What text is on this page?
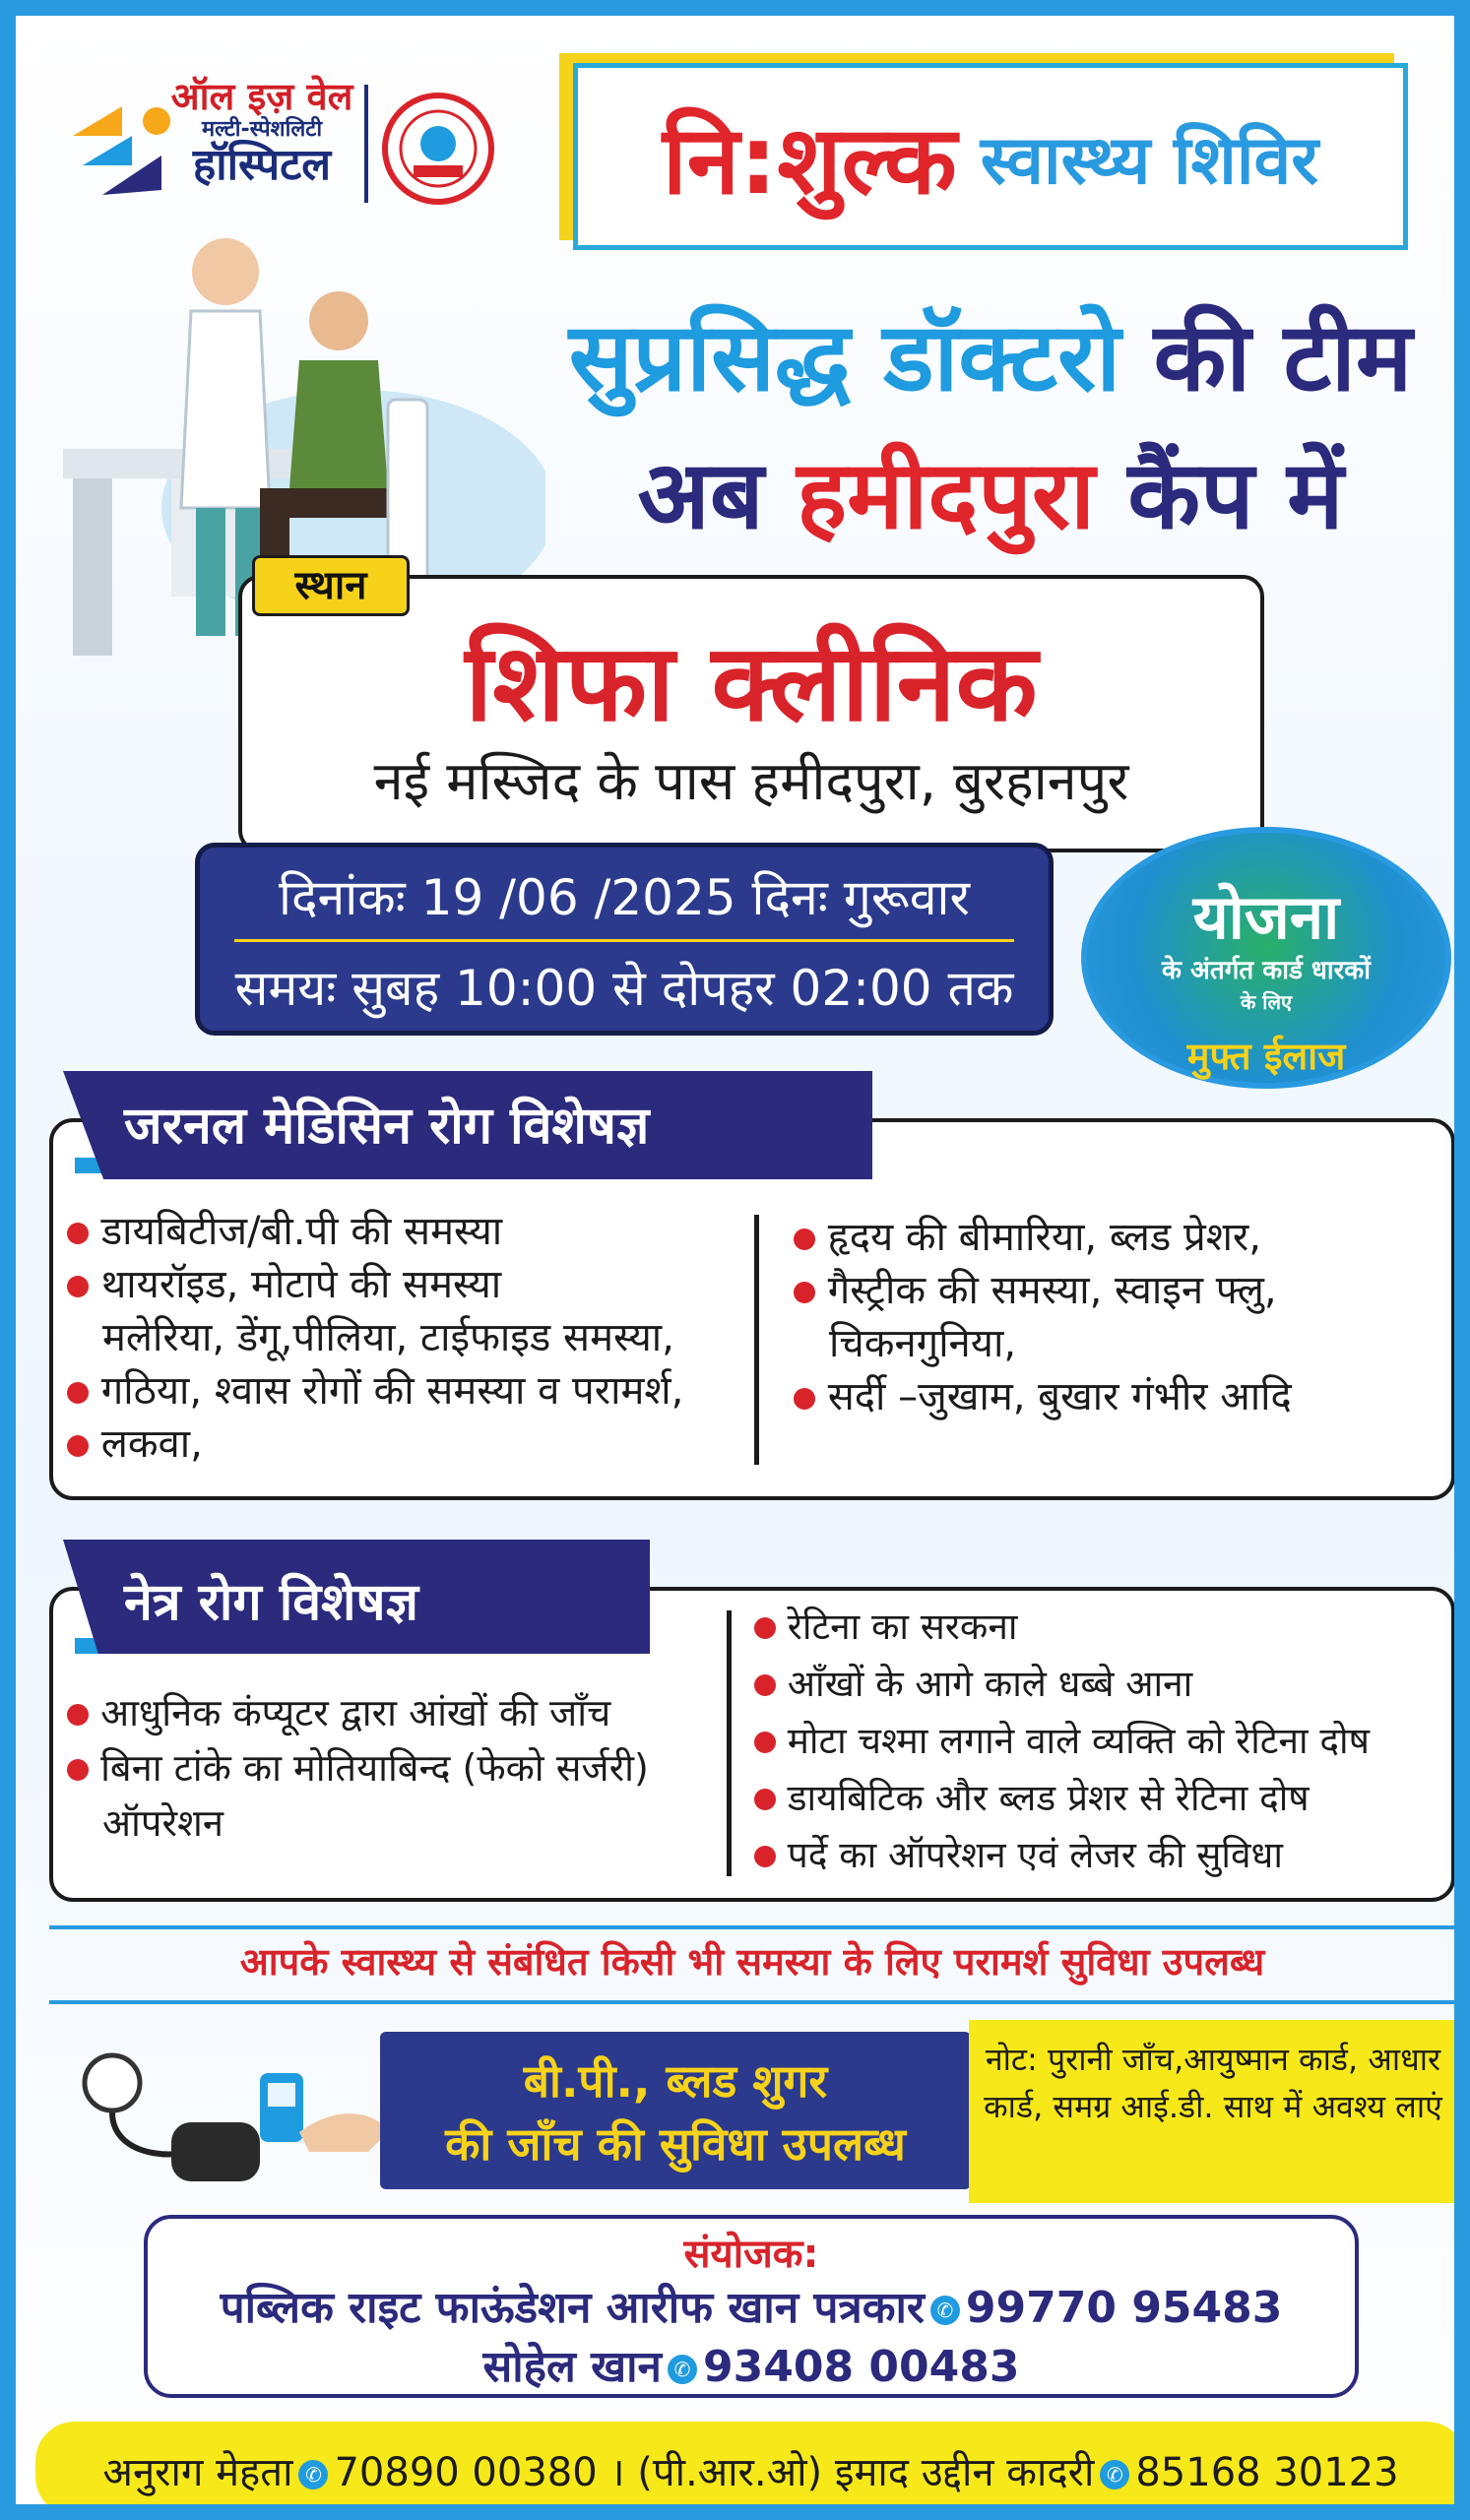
ऑल इज़ वेल
मल्टी-स्पेशलिटी
हॉस्पिटल	नि:शुल्क स्वास्थ्य शिविर
सुप्रसिद्ध डॉक्टरो की टीम
अब हमीदपुरा कैंप में
स्थान
शिफा क्लीनिक
नई मस्जिद के पास हमीदपुरा, बुरहानपुर
दिनांकः 19 /06 /2025 दिनः गुरूवार
समयः सुबह 10:00 से दोपहर 02:00 तक
योजना
के अंतर्गत कार्ड धारकों
के लिए
मुफ्त ईलाज
जरनल मेडिसिन रोग विशेषज्ञ
डायबिटीज/बी.पी की समस्या
थायरॉइड, मोटापे की समस्या
मलेरिया, डेंगू,पीलिया, टाईफाइड समस्या,
गठिया, श्वास रोगों की समस्या व परामर्श,
लकवा,
हृदय की बीमारिया, ब्लड प्रेशर,
गैस्ट्रीक की समस्या, स्वाइन फ्लु,
चिकनगुनिया,
सर्दी –जुखाम, बुखार गंभीर आदि
नेत्र रोग विशेषज्ञ
आधुनिक कंप्यूटर द्वारा आंखों की जाँच
बिना टांके का मोतियाबिन्द (फेको सर्जरी)
ऑपरेशन
रेटिना का सरकना
आँखों के आगे काले धब्बे आना
मोटा चश्मा लगाने वाले व्यक्ति को रेटिना दोष
डायबिटिक और ब्लड प्रेशर से रेटिना दोष
पर्दे का ऑपरेशन एवं लेजर की सुविधा
आपके स्वास्थ्य से संबंधित किसी भी समस्या के लिए परामर्श सुविधा उपलब्ध
बी.पी., ब्लड शुगर
की जाँच की सुविधा उपलब्ध
नोट: पुरानी जाँच,आयुष्मान कार्ड, आधार कार्ड, समग्र आई.डी. साथ में अवश्य लाएं
संयोजक:
पब्लिक राइट फाऊंडेशन आरीफ खान पत्रकार ✆ 99770 95483
सोहेल खान ✆ 93408 00483
अनुराग मेहता ✆ 70890 00380 । (पी.आर.ओ) इमाद उद्दीन कादरी ✆ 85168 30123
